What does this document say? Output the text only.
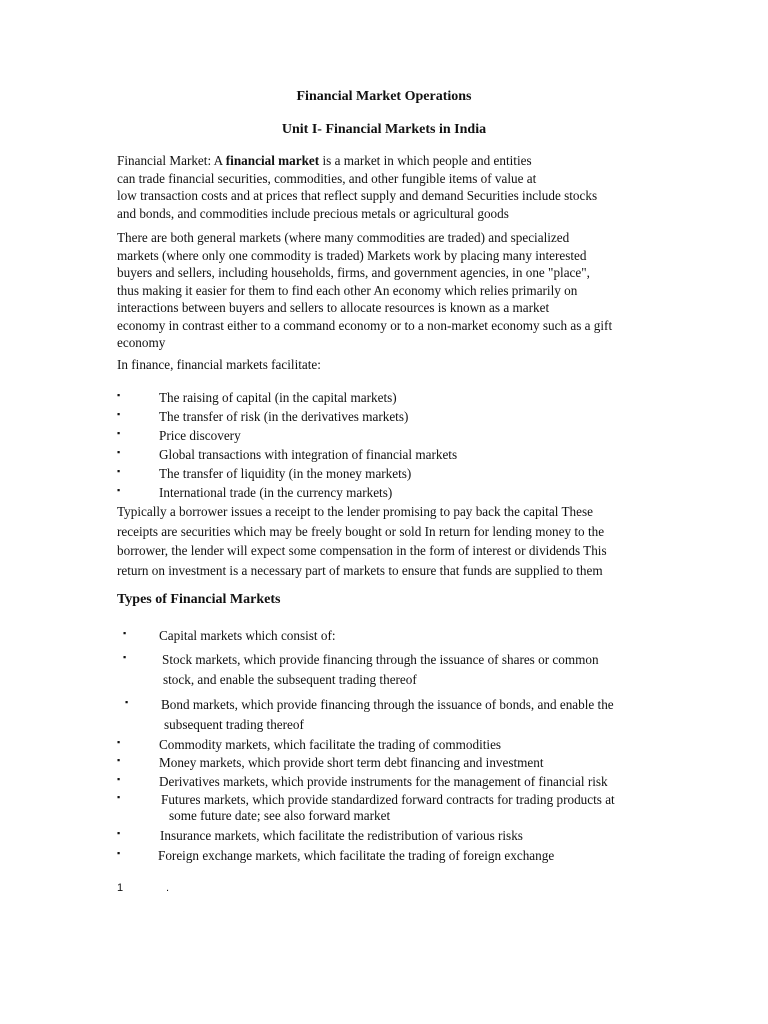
Financial Market Operations
Unit I- Financial Markets in India
Financial Market: A financial market is a market in which people and entities
can trade financial securities, commodities, and other fungible items of value at
low transaction costs and at prices that reflect supply and demand Securities include stocks
and bonds, and commodities include precious metals or agricultural goods
There are both general markets (where many commodities are traded) and specialized
markets (where only one commodity is traded) Markets work by placing many interested
buyers and sellers, including households, firms, and government agencies, in one "place",
thus making it easier for them to find each other An economy which relies primarily on
interactions between buyers and sellers to allocate resources is known as a market
economy in contrast either to a command economy or to a non-market economy such as a gift
economy
In finance, financial markets facilitate:
▪	The raising of capital (in the capital markets)
▪	The transfer of risk (in the derivatives markets)
▪	Price discovery
▪	Global transactions with integration of financial markets
▪	The transfer of liquidity (in the money markets)
▪	International trade (in the currency markets)
Typically a borrower issues a receipt to the lender promising to pay back the capital These
receipts are securities which may be freely bought or sold In return for lending money to the
borrower, the lender will expect some compensation in the form of interest or dividends This
return on investment is a necessary part of markets to ensure that funds are supplied to them
Types of Financial Markets
▪ Capital markets which consist of:
▪	Stock markets, which provide financing through the issuance of shares or common
stock, and enable the subsequent trading thereof
▪ Bond markets, which provide financing through the issuance of bonds, and enable the
subsequent trading thereof
▪	Commodity markets, which facilitate the trading of commodities
▪	Money markets, which provide short term debt financing and investment
▪	Derivatives markets, which provide instruments for the management of financial risk
▪	Futures markets, which provide standardized forward contracts for trading products at
some future date; see also forward market
▪	Insurance markets, which facilitate the redistribution of various risks
▪	Foreign exchange markets, which facilitate the trading of foreign exchange
1	.
